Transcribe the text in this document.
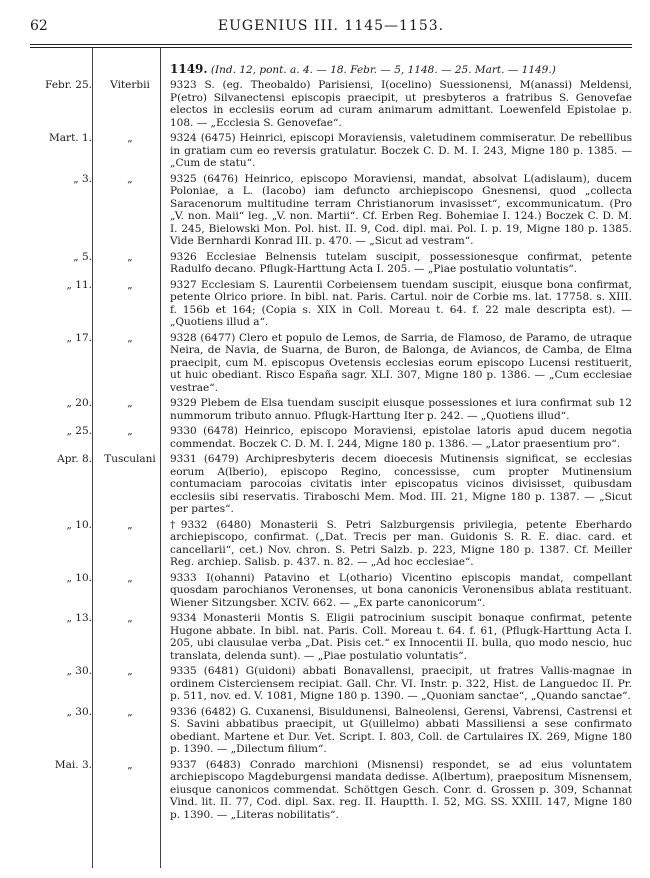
62	EUGENIUS III. 1145—1153.
1149. (Ind. 12, pont. a. 4. — 18. Febr. — 5, 1148. — 25. Mart. — 1149.)
Febr. 25.	Viterbii	9323 S. (eg. Theobaldo) Parisiensi, I(ocelino) Suessionensi, M(anassi) Meldensi, P(etro) Silvanectensi episcopis praecipit, ut presbyteros a fratribus S. Genovefae electos in ecclesiis eorum ad curam animarum admittant. Loewenfeld Epistolae p. 108. — „Ecclesia S. Genovefae“.
Mart. 1.	„	9324 (6475) Heinrici, episcopi Moraviensis, valetudinem commiseratur. De rebellibus in gratiam cum eo reversis gratulatur. Boczek C. D. M. I. 243, Migne 180 p. 1385. — „Cum de statu“.
„ 3.	„	9325 (6476) Heinrico, episcopo Moraviensi, mandat, absolvat L(adislaum), ducem Poloniae, a L. (Iacobo) iam defuncto archiepiscopo Gnesnensi, quod „collecta Saracenorum multitudine terram Christianorum invasisset“, excommunicatum. (Pro „V. non. Maii“ leg. „V. non. Martii“. Cf. Erben Reg. Bohemiae I. 124.) Boczek C. D. M. I. 245, Bielowski Mon. Pol. hist. II. 9, Cod. dipl. mai. Pol. I. p. 19, Migne 180 p. 1385. Vide Bernhardi Konrad III. p. 470. — „Sicut ad vestram“.
„ 5.	„	9326 Ecclesiae Belnensis tutelam suscipit, possessionesque confirmat, petente Radulfo decano. Pflugk-Harttung Acta I. 205. — „Piae postulatio voluntatis“.
„ 11.	„	9327 Ecclesiam S. Laurentii Corbeiensem tuendam suscipit, eiusque bona confirmat, petente Olrico priore. In bibl. nat. Paris. Cartul. noir de Corbie ms. lat. 17758. s. XIII. f. 156b et 164; (Copia s. XIX in Coll. Moreau t. 64. f. 22 male descripta est). — „Quotiens illud a“.
„ 17.	„	9328 (6477) Clero et populo de Lemos, de Sarria, de Flamoso, de Paramo, de utraque Neira, de Navia, de Suarna, de Buron, de Balonga, de Aviancos, de Camba, de Elma praecipit, cum M. episcopus Ovetensis ecclesias eorum episcopo Lucensi restituerit, ut huic obediant. Risco España sagr. XLI. 307, Migne 180 p. 1386. — „Cum ecclesiae vestrae“.
„ 20.	„	9329 Plebem de Elsa tuendam suscipit eiusque possessiones et iura confirmat sub 12 nummorum tributo annuo. Pflugk-Harttung Iter p. 242. — „Quotiens illud“.
„ 25.	„	9330 (6478) Heinrico, episcopo Moraviensi, epistolae latoris apud ducem negotia commendat. Boczek C. D. M. I. 244, Migne 180 p. 1386. — „Lator praesentium pro“.
Apr. 8.	Tusculani	9331 (6479) Archipresbyteris decem dioecesis Mutinensis significat, se ecclesias eorum A(lberio), episcopo Regino, concessisse, cum propter Mutinensium contumaciam parocoias civitatis inter episcopatus vicinos divisisset, quibusdam ecclesiis sibi reservatis. Tiraboschi Mem. Mod. III. 21, Migne 180 p. 1387. — „Sicut per partes“.
„ 10.	„	†9332 (6480) Monasterii S. Petri Salzburgensis privilegia, petente Eberhardo archiepiscopo, confirmat. („Dat. Trecis per man. Guidonis S. R. E. diac. card. et cancellarii“, cet.) Nov. chron. S. Petri Salzb. p. 223, Migne 180 p. 1387. Cf. Meiller Reg. archiep. Salisb. p. 437. n. 82. — „Ad hoc ecclesiae“.
„ 10.	„	9333 I(ohanni) Patavino et L(othario) Vicentino episcopis mandat, compellant quosdam parochianos Veronenses, ut bona canonicis Veronensibus ablata restituant. Wiener Sitzungsber. XCIV. 662. — „Ex parte canonicorum“.
„ 13.	„	9334 Monasterii Montis S. Eligii patrocinium suscipit bonaque confirmat, petente Hugone abbate. In bibl. nat. Paris. Coll. Moreau t. 64. f. 61, (Pflugk-Harttung Acta I. 205, ubi clausulae verba „Dat. Pisis cet.“ ex Innocentii II. bulla, quo modo nescio, huc translata, delenda sunt). — „Piae postulatio voluntatis“.
„ 30.	„	9335 (6481) G(uidoni) abbati Bonavallensi, praecipit, ut fratres Vallis-magnae in ordinem Cisterciensem recipiat. Gall. Chr. VI. Instr. p. 322, Hist. de Languedoc II. Pr. p. 511, nov. ed. V. 1081, Migne 180 p. 1390. — „Quoniam sanctae“, „Quando sanctae“.
„ 30.	„	9336 (6482) G. Cuxanensi, Bisuldunensi, Balneolensi, Gerensi, Vabrensi, Castrensi et S. Savini abbatibus praecipit, ut G(uillelmo) abbati Massiliensi a sese confirmato obediant. Martene et Dur. Vet. Script. I. 803, Coll. de Cartulaires IX. 269, Migne 180 p. 1390. — „Dilectum filium“.
Mai. 3.	„	9337 (6483) Conrado marchioni (Misnensi) respondet, se ad eius voluntatem archiepiscopo Magdeburgensi mandata dedisse. A(lbertum), praepositum Misnensem, eiusque canonicos commendat. Schöttgen Gesch. Conr. d. Grossen p. 309, Schannat Vind. lit. II. 77, Cod. dipl. Sax. reg. II. Hauptth. I. 52, MG. SS. XXIII. 147, Migne 180 p. 1390. — „Literas nobilitatis“.
